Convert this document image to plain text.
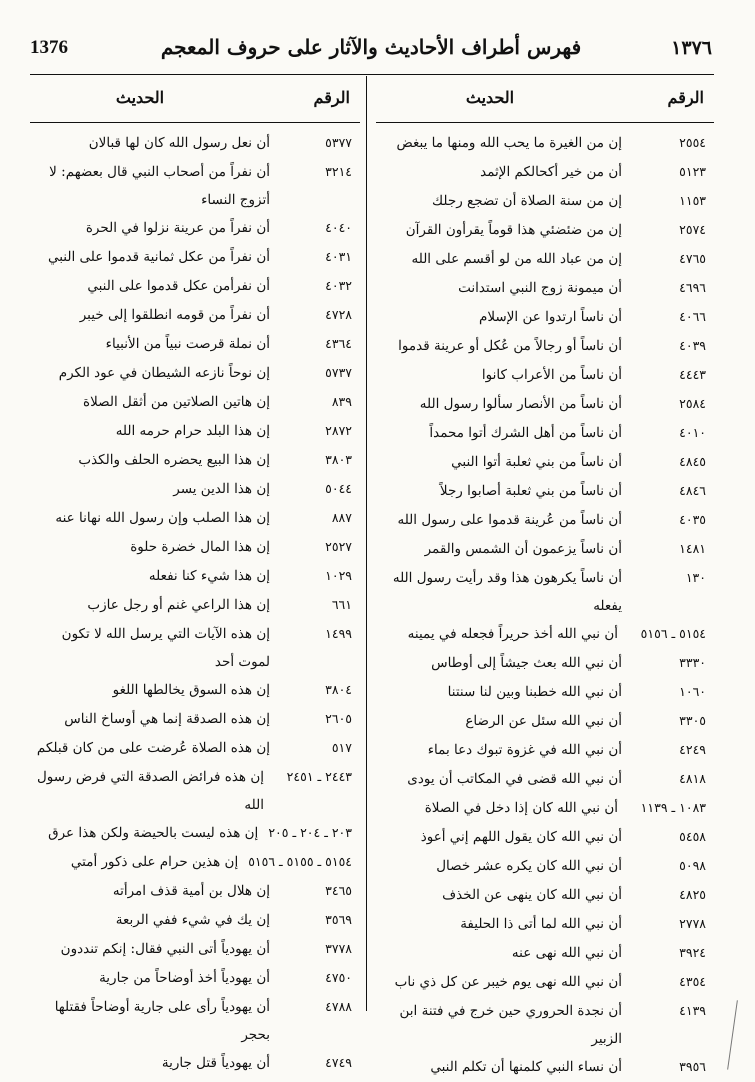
1376	فهرس أطراف الأحاديث والآثار على حروف المعجم	١٣٧٦
الرقم
الحديث
٢٥٥٤
إن من الغيرة ما يحب الله ومنها ما يبغض
٥١٢٣
أن من خير أكحالكم الإثمد
١١٥٣
إن من سنة الصلاة أن تضجع رجلك
٢٥٧٤
إن من ضئضئي هذا قوماً يقرأون القرآن
٤٧٦٥
إن من عباد الله من لو أقسم على الله
٤٦٩٦
أن ميمونة زوج النبي استدانت
٤٠٦٦
أن ناساً ارتدوا عن الإسلام
٤٠٣٩
أن ناساً أو رجالاً من عُكل أو عرينة قدموا
٤٤٤٣
أن ناساً من الأعراب كانوا
٢٥٨٤
أن ناساً من الأنصار سألوا رسول الله
٤٠١٠
أن ناساً من أهل الشرك أتوا محمداً
٤٨٤٥
أن ناساً من بني ثعلبة أتوا النبي
٤٨٤٦
أن ناساً من بني ثعلبة أصابوا رجلاً
٤٠٣٥
أن ناساً من عُرينة قدموا على رسول الله
١٤٨١
أن ناساً يزعمون أن الشمس والقمر
١٣٠
أن ناساً يكرهون هذا وقد رأيت رسول الله يفعله
٥١٥٤ ـ ٥١٥٦
أن نبي الله أخذ حريراً فجعله في يمينه
٣٣٣٠
أن نبي الله بعث جيشاً إلى أوطاس
١٠٦٠
أن نبي الله خطبنا وبين لنا سنتنا
٣٣٠٥
أن نبي الله سئل عن الرضاع
٤٢٤٩
أن نبي الله في غزوة تبوك دعا بماء
٤٨١٨
أن نبي الله قضى في المكاتب أن يودى
١٠٨٣ ـ ١١٣٩
أن نبي الله كان إذا دخل في الصلاة
٥٤٥٨
أن نبي الله كان يقول اللهم إني أعوذ
٥٠٩٨
أن نبي الله كان يكره عشر خصال
٤٨٢٥
أن نبي الله كان ينهى عن الخذف
٢٧٧٨
أن نبي الله لما أتى ذا الحليفة
٣٩٢٤
أن نبي الله نهى عنه
٤٣٥٤
أن نبي الله نهى يوم خيبر عن كل ذي ناب
٤١٣٩
أن نجدة الحروري حين خرج في فتنة ابن الزبير
٣٩٥٦
أن نساء النبي كلمنها أن تكلم النبي
الرقم
الحديث
٥٣٧٧
أن نعل رسول الله كان لها قبالان
٣٢١٤
أن نفراً من أصحاب النبي قال بعضهم: لا أتزوج النساء
٤٠٤٠
أن نفراً من عرينة نزلوا في الحرة
٤٠٣١
أن نفراً من عكل ثمانية قدموا على النبي
٤٠٣٢
أن نفرأمن عكل قدموا على النبي
٤٧٢٨
أن نفراً من قومه انطلقوا إلى خيبر
٤٣٦٤
أن نملة قرصت نبياً من الأنبياء
٥٧٣٧
إن نوحاً نازعه الشيطان في عود الكرم
٨٣٩
إن هاتين الصلاتين من أثقل الصلاة
٢٨٧٢
إن هذا البلد حرام حرمه الله
٣٨٠٣
إن هذا البيع يحضره الحلف والكذب
٥٠٤٤
إن هذا الدين يسر
٨٨٧
إن هذا الصلب وإن رسول الله نهانا عنه
٢٥٢٧
إن هذا المال خضرة حلوة
١٠٢٩
إن هذا شيء كنا نفعله
٦٦١
إن هذا الراعي غنم أو رجل عازب
١٤٩٩
إن هذه الآيات التي يرسل الله لا تكون لموت أحد
٣٨٠٤
إن هذه السوق يخالطها اللغو
٢٦٠٥
إن هذه الصدقة إنما هي أوساخ الناس
٥١٧
إن هذه الصلاة عُرضت على من كان قبلكم
٢٤٤٣ ـ ٢٤٥١
إن هذه فرائض الصدقة التي فرض رسول الله
٢٠٣ ـ ٢٠٤ ـ ٢٠٥
إن هذه ليست بالحيضة ولكن هذا عرق
٥١٥٤ ـ ٥١٥٥ ـ ٥١٥٦
إن هذين حرام على ذكور أمتي
٣٤٦٥
إن هلال بن أمية قذف امرأته
٣٥٦٩
إن يك في شيء ففي الربعة
٣٧٧٨
أن يهودياً أتى النبي فقال: إنكم تنددون
٤٧٥٠
أن يهودياً أخذ أوضاحاً من جارية
٤٧٨٨
أن يهودياً رأى على جارية أوضاحاً فقتلها بحجر
٤٧٤٩
أن يهودياً قتل جارية
